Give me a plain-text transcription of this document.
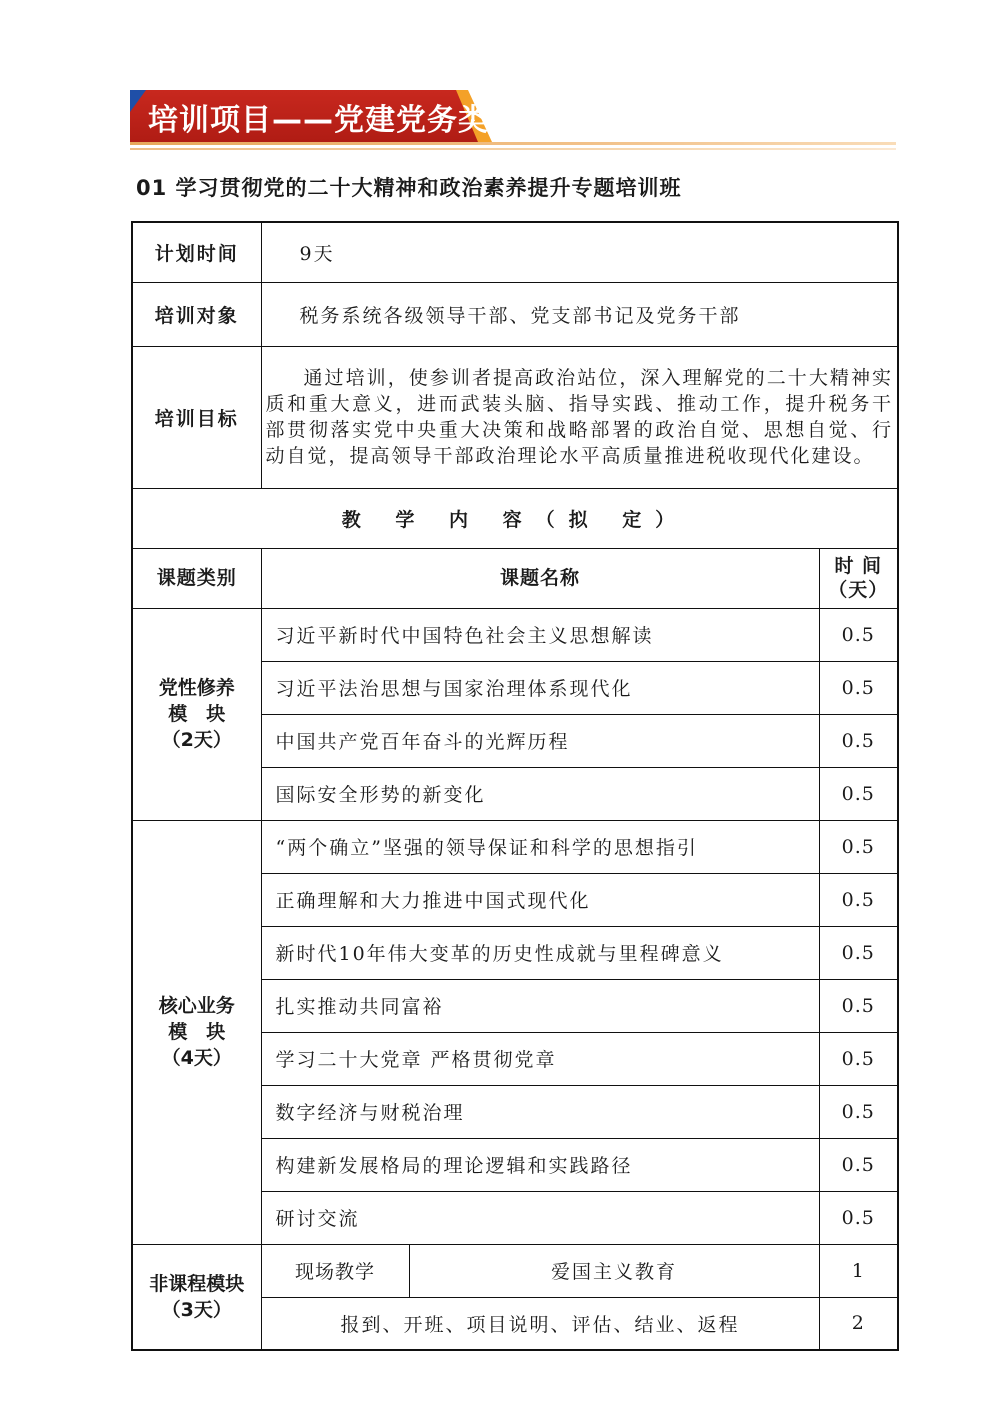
培训项目——党建党务类
01 学习贯彻党的二十大精神和政治素养提升专题培训班
计划时间	9天		
培训对象	税务系统各级领导干部、党支部书记及党务干部		
培训目标	通过培训，使参训者提高政治站位，深入理解党的二十大精神实质和重大意义，进而武装头脑、指导实践、推动工作，提升税务干部贯彻落实党中央重大决策和战略部署的政治自觉、思想自觉、行动自觉，提高领导干部政治理论水平高质量推进税收现代化建设。		
教 学 内 容（拟 定）			
课题类别	课题名称		时 间
（天）

党性修养
模　块
（2天）	习近平新时代中国特色社会主义思想解读		0.5
	习近平法治思想与国家治理体系现代化		0.5
	中国共产党百年奋斗的光辉历程		0.5
	国际安全形势的新变化		0.5

核心业务
模　块
（4天）	“两个确立”坚强的领导保证和科学的思想指引		0.5
	正确理解和大力推进中国式现代化		0.5
	新时代10年伟大变革的历史性成就与里程碑意义		0.5
	扎实推动共同富裕		0.5
	学习二十大党章 严格贯彻党章		0.5
	数字经济与财税治理		0.5
	构建新发展格局的理论逻辑和实践路径		0.5
	研讨交流		0.5

非课程模块
（3天）	现场教学	爱国主义教育	1
	报到、开班、项目说明、评估、结业、返程		2
